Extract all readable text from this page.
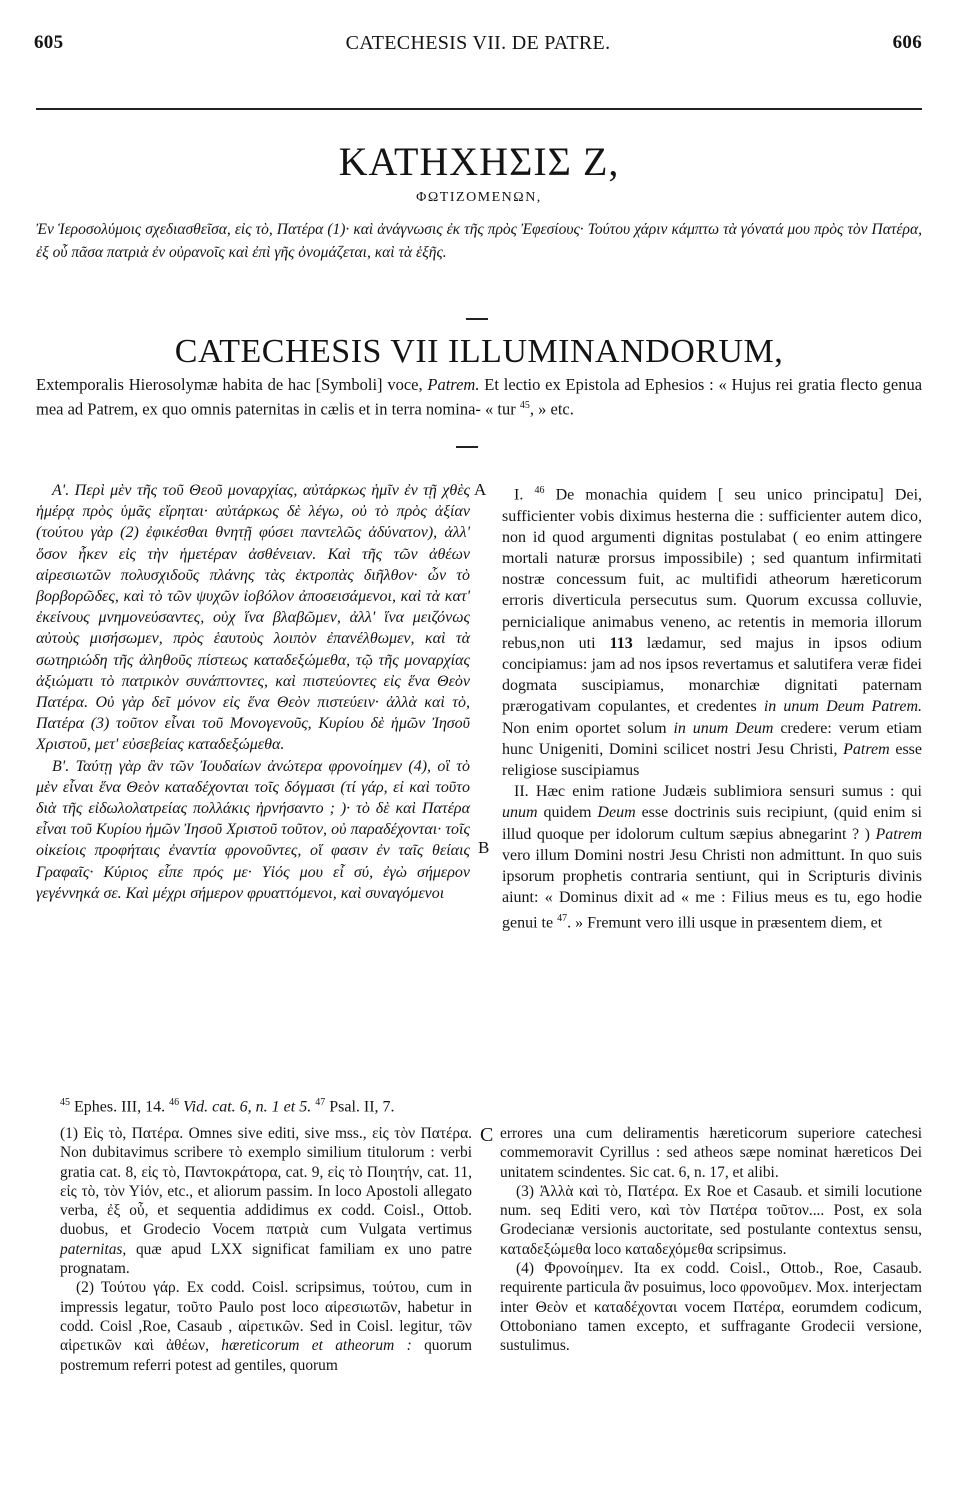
605	CATECHESIS VII. DE PATRE.	606
ΚΑΤΗΧΗΣΙΣ Ζ,
ΦΩΤΙΖΟΜΕΝΩΝ,
Ἐν Ἱεροσολύμοις σχεδιασθεῖσα, εἰς τὸ, Πατέρα (1)· καὶ ἀνάγνωσις ἐκ τῆς πρὸς Ἐφεσίους· Τούτου χάριν κάμπτω τὰ γόνατά μου πρὸς τὸν Πατέρα, ἐξ οὗ πᾶσα πατριὰ ἐν οὐρανοῖς καὶ ἐπὶ γῆς ὀνομάζεται, καὶ τὰ ἑξῆς.
CATECHESIS VII ILLUMINANDORUM,
Extemporalis Hierosolymæ habita de hac [Symboli] voce, Patrem. Et lectio ex Epistola ad Ephesios : « Hujus rei gratia flecto genua mea ad Patrem, ex quo omnis paternitas in cælis et in terra nomina- « tur $^{45}$, » etc.

Α'. Περὶ μὲν τῆς τοῦ Θεοῦ μοναρχίας, αὐτάρκως ἡμῖν ἐν τῇ χθὲς ἡμέρᾳ πρὸς ὑμᾶς εἴρηται· αὐτάρκως δὲ λέγω, οὐ τὸ πρὸς ἀξίαν (τούτου γὰρ (2) ἐφικέσθαι θνητῇ φύσει παντελῶς ἀδύνατον), ἀλλ' ὅσον ἧκεν εἰς τὴν ἡμετέραν ἀσθένειαν. Καὶ τῆς τῶν ἀθέων αἱρεσιωτῶν πολυσχιδοῦς πλάνης τὰς ἐκτροπὰς διῆλθον· ὧν τὸ βορβορῶδες, καὶ τὸ τῶν ψυχῶν ἰοβόλον ἀποσεισάμενοι, καὶ τὰ κατ' ἐκείνους μνημονεύσαντες, οὐχ ἵνα βλαβῶμεν, ἀλλ' ἵνα μειζόνως αὐτοὺς μισήσωμεν, πρὸς ἑαυτοὺς λοιπὸν ἐπανέλθωμεν, καὶ τὰ σωτηριώδη τῆς ἀληθοῦς πίστεως καταδεξώμεθα, τῷ τῆς μοναρχίας ἀξιώματι τὸ πατρικὸν συνάπτοντες, καὶ πιστεύοντες εἰς ἕνα Θεὸν Πατέρα. Οὐ γὰρ δεῖ μόνον εἰς ἕνα Θεὸν πιστεύειν· ἀλλὰ καὶ τὸ, Πατέρα (3) τοῦτον εἶναι τοῦ Μονογενοῦς, Κυρίου δὲ ἡμῶν Ἰησοῦ Χριστοῦ, μετ' εὐσεβείας καταδεξώμεθα.

Β'. Ταύτῃ γὰρ ἂν τῶν Ἰουδαίων ἀνώτερα φρονοίημεν (4), οἳ τὸ μὲν εἶναι ἕνα Θεὸν καταδέχονται τοῖς δόγμασι (τί γάρ, εἰ καὶ τοῦτο διὰ τῆς εἰδωλολατρείας πολλάκις ἠρνήσαντο ; )· τὸ δὲ καὶ Πατέρα εἶναι τοῦ Κυρίου ἡμῶν Ἰησοῦ Χριστοῦ τοῦτον, οὐ παραδέχονται· τοῖς οἰκείοις προφήταις ἐναντία φρονοῦντες, οἵ φασιν ἐν ταῖς θείαις Γραφαῖς· Κύριος εἶπε πρός με· Υἱός μου εἶ σύ, ἐγὼ σήμερον γεγέννηκά σε. Καὶ μέχρι σήμερον φρυαττόμενοι, καὶ συναγόμενοι

A
B

I. $^{46}$ De monachia quidem [ seu unico principatu] Dei, sufficienter vobis diximus hesterna die : sufficienter autem dico, non id quod argumenti dignitas postulabat ( eo enim attingere mortali naturæ prorsus impossibile) ; sed quantum infirmitati nostræ concessum fuit, ac multifidi atheorum hæreticorum erroris diverticula persecutus sum. Quorum excussa colluvie, pernicialique animabus veneno, ac retentis in memoria illorum rebus,non uti 113 lædamur, sed majus in ipsos odium concipiamus: jam ad nos ipsos revertamus et salutifera veræ fidei dogmata suscipiamus, monarchiæ dignitati paternam prærogativam copulantes, et credentes in unum Deum Patrem. Non enim oportet solum in unum Deum credere: verum etiam hunc Unigeniti, Domini scilicet nostri Jesu Christi, Patrem esse religiose suscipiamus

II. Hæc enim ratione Judæis sublimiora sensuri sumus : qui unum quidem Deum esse doctrinis suis recipiunt, (quid enim si illud quoque per idolorum cultum sæpius abnegarint ? ) Patrem vero illum Domini nostri Jesu Christi non admittunt. In quo suis ipsorum prophetis contraria sentiunt, qui in Scripturis divinis aiunt: « Dominus dixit ad « me : Filius meus es tu, ego hodie genui te $^{47}$. » Fremunt vero illi usque in præsentem diem, et

$^{45}$ Ephes. III, 14. $^{46}$ Vid. cat. 6, n. 1 et 5. $^{47}$ Psal. II, 7.

(1) Εἰς τὸ, Πατέρα. Omnes sive editi, sive mss., εἰς τὸν Πατέρα. Non dubitavimus scribere τὸ exemplo similium titulorum : verbi gratia cat. 8, εἰς τὸ, Παντοκράτορα, cat. 9, εἰς τὸ Ποιητήν, cat. 11, εἰς τὸ, τὸν Υἱόν, etc., et aliorum passim. In loco Apostoli allegato verba, ἐξ οὗ, et sequentia addidimus ex codd. Coisl., Ottob. duobus, et Grodecio Vocem πατριὰ cum Vulgata vertimus paternitas, quæ apud LXX significat familiam ex uno patre prognatam.

(2) Τούτου γάρ. Ex codd. Coisl. scripsimus, τούτου, cum in impressis legatur, τοῦτο Paulo post loco αἱρεσιωτῶν, habetur in codd. Coisl ,Roe, Casaub , αἱρετικῶν. Sed in Coisl. legitur, τῶν αἱρετικῶν καὶ ἀθέων, hæreticorum et atheorum : quorum postremum referri potest ad gentiles, quorum

C errores una cum deliramentis hæreticorum superiore catechesi commemoravit Cyrillus : sed atheos sæpe nominat hæreticos Dei unitatem scindentes. Sic cat. 6, n. 17, et alibi.

(3) Ἀλλὰ καὶ τὸ, Πατέρα. Ex Roe et Casaub. et simili locutione num. seq Editi vero, καὶ τὸν Πατέρα τοῦτον.... Post, ex sola Grodecianæ versionis auctoritate, sed postulante contextus sensu, καταδεξώμεθα loco καταδεχόμεθα scripsimus.

(4) Φρονοίημεν. Ita ex codd. Coisl., Ottob., Roe, Casaub. requirente particula ἂν posuimus, loco φρονοῦμεν. Mox. interjectam inter Θεὸν et καταδέχονται vocem Πατέρα, eorumdem codicum, Ottoboniano tamen excepto, et suffragante Grodecii versione, sustulimus.
